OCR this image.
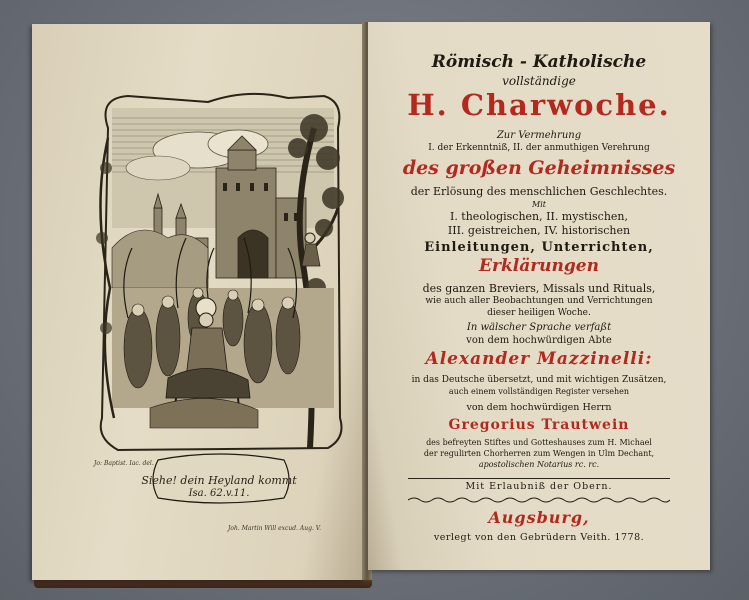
Jo: Baptist. Iac. del.
Siehe! dein Heyland kommt
Isa. 62.v.11.
Joh. Martin Will excud. Aug. V.
Römisch - Katholische
vollständige
H. Charwoche.
Zur Vermehrung
I. der Erkenntniß, II. der anmuthigen Verehrung
des großen Geheimnisses
der Erlösung des menschlichen Geschlechtes.
Mit
I. theologischen, II. mystischen,
III. geistreichen, IV. historischen
Einleitungen, Unterrichten,
Erklärungen
des ganzen Breviers, Missals und Rituals,
wie auch aller Beobachtungen und Verrichtungen
dieser heiligen Woche.
In wälscher Sprache verfaßt
von dem hochwürdigen Abte
Alexander Mazzinelli:
in das Deutsche übersetzt, und mit wichtigen Zusätzen,
auch einem vollständigen Register versehen
von dem hochwürdigen Herrn
Gregorius Trautwein
des befreyten Stiftes und Gotteshauses zum H. Michael
der regulirten Chorherren zum Wengen in Ulm Dechant,
apostolischen Notarius rc. rc.
Mit Erlaubniß der Obern.
Augsburg,
verlegt von den Gebrüdern Veith. 1778.
